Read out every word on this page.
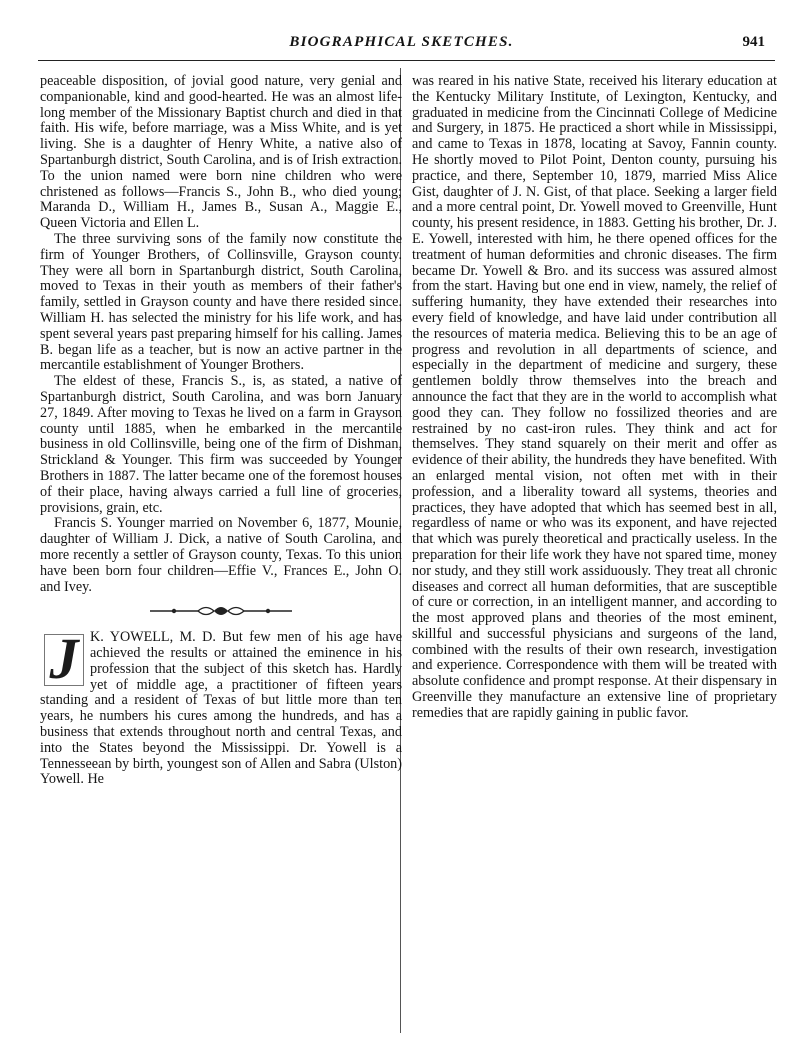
BIOGRAPHICAL SKETCHES.	941

peaceable disposition, of jovial good nature, very genial and companionable, kind and good-hearted. He was an almost life-long member of the Missionary Baptist church and died in that faith. His wife, before marriage, was a Miss White, and is yet living. She is a daughter of Henry White, a native also of Spartanburgh district, South Carolina, and is of Irish extraction. To the union named were born nine children who were christened as follows—Francis S., John B., who died young; Maranda D., William H., James B., Susan A., Maggie E., Queen Victoria and Ellen L.

The three surviving sons of the family now constitute the firm of Younger Brothers, of Collinsville, Grayson county. They were all born in Spartanburgh district, South Carolina, moved to Texas in their youth as members of their father's family, settled in Grayson county and have there resided since. William H. has selected the ministry for his life work, and has spent several years past preparing himself for his calling. James B. began life as a teacher, but is now an active partner in the mercantile establishment of Younger Brothers.

The eldest of these, Francis S., is, as stated, a native of Spartanburgh district, South Carolina, and was born January 27, 1849. After moving to Texas he lived on a farm in Grayson county until 1885, when he embarked in the mercantile business in old Collinsville, being one of the firm of Dishman, Strickland & Younger. This firm was succeeded by Younger Brothers in 1887. The latter became one of the foremost houses of their place, having always carried a full line of groceries, provisions, grain, etc.

Francis S. Younger married on November 6, 1877, Mounie, daughter of William J. Dick, a native of South Carolina, and more recently a settler of Grayson county, Texas. To this union have been born four children—Effie V., Frances E., John O. and Ivey.

J K. YOWELL, M. D. But few men of his age have achieved the results or attained the eminence in his profession that the subject of this sketch has. Hardly yet of middle age, a practitioner of fifteen years standing and a resident of Texas of but little more than ten years, he numbers his cures among the hundreds, and has a business that extends throughout north and central Texas, and into the States beyond the Mississippi. Dr. Yowell is a Tennesseean by birth, youngest son of Allen and Sabra (Ulston) Yowell. He

was reared in his native State, received his literary education at the Kentucky Military Institute, of Lexington, Kentucky, and graduated in medicine from the Cincinnati College of Medicine and Surgery, in 1875. He practiced a short while in Mississippi, and came to Texas in 1878, locating at Savoy, Fannin county. He shortly moved to Pilot Point, Denton county, pursuing his practice, and there, September 10, 1879, married Miss Alice Gist, daughter of J. N. Gist, of that place. Seeking a larger field and a more central point, Dr. Yowell moved to Greenville, Hunt county, his present residence, in 1883. Getting his brother, Dr. J. E. Yowell, interested with him, he there opened offices for the treatment of human deformities and chronic diseases. The firm became Dr. Yowell & Bro. and its success was assured almost from the start. Having but one end in view, namely, the relief of suffering humanity, they have extended their researches into every field of knowledge, and have laid under contribution all the resources of materia medica. Believing this to be an age of progress and revolution in all departments of science, and especially in the department of medicine and surgery, these gentlemen boldly throw themselves into the breach and announce the fact that they are in the world to accomplish what good they can. They follow no fossilized theories and are restrained by no cast-iron rules. They think and act for themselves. They stand squarely on their merit and offer as evidence of their ability, the hundreds they have benefited. With an enlarged mental vision, not often met with in their profession, and a liberality toward all systems, theories and practices, they have adopted that which has seemed best in all, regardless of name or who was its exponent, and have rejected that which was purely theoretical and practically useless. In the preparation for their life work they have not spared time, money nor study, and they still work assiduously. They treat all chronic diseases and correct all human deformities, that are susceptible of cure or correction, in an intelligent manner, and according to the most approved plans and theories of the most eminent, skillful and successful physicians and surgeons of the land, combined with the results of their own research, investigation and experience. Correspondence with them will be treated with absolute confidence and prompt response. At their dispensary in Greenville they manufacture an extensive line of proprietary remedies that are rapidly gaining in public favor.
